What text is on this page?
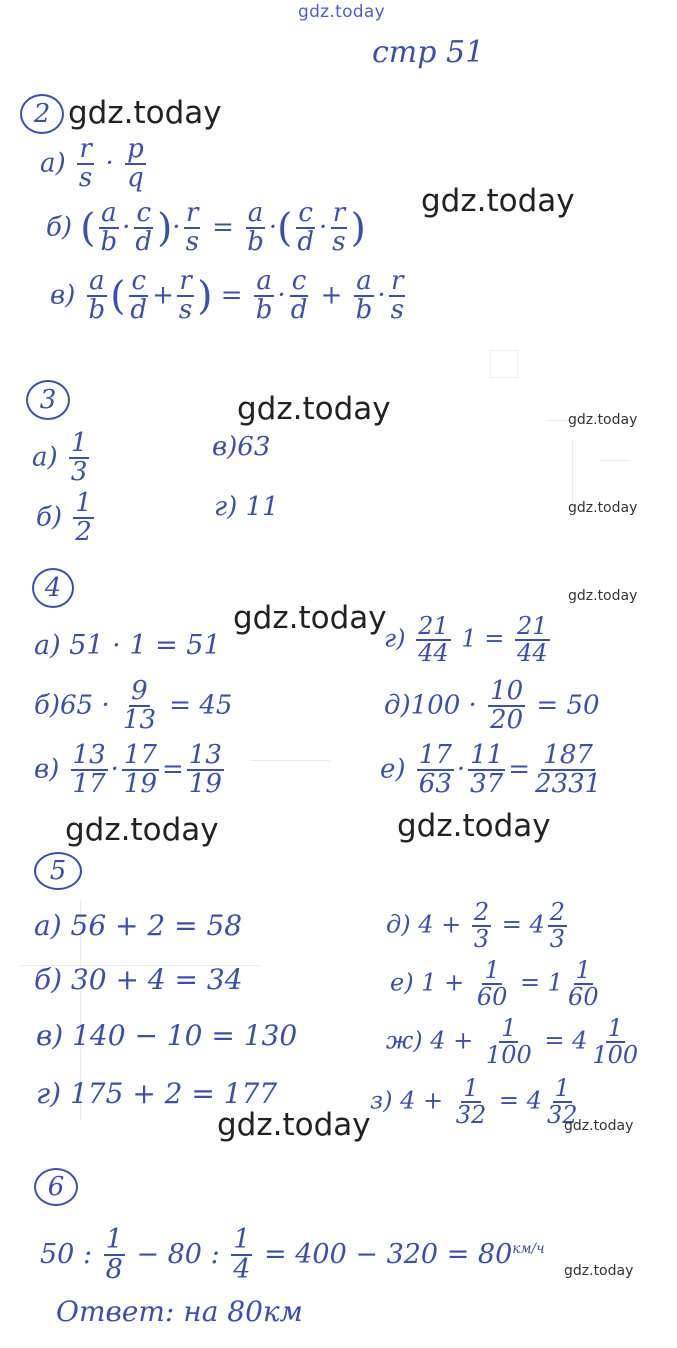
gdz.today
стр 51
2 gdz.today
$а) \frac{r}{s} \cdot \frac{p}{q}$
gdz.today
б) ( $\frac{a}{b} \cdot \frac{c}{d}$ )· $\frac{r}{s} = \frac{a}{b}$ ·( $\frac{c}{d} \cdot \frac{r}{s}$ )
$в) \frac{a}{b}$ ( $\frac{c}{d} + \frac{r}{s}$ ) = $\frac{a}{b} \cdot \frac{c}{d} + \frac{a}{b} \cdot \frac{r}{s}$
3	gdz.today	gdz.today
$а) \frac{1}{3}$	в)63
$б) \frac{1}{2}$	г) 11	gdz.today
4	gdz.today
gdz.today
а) 51 · 1 = 51	$г) \frac{21}{44} 1 = \frac{21}{44}$
$б)65 \cdot \frac{9}{13} = 45$	$д)100 \cdot \frac{10}{20} = 50$
$в) \frac{13}{17} \cdot \frac{17}{19} = \frac{13}{19}$	$е) \frac{17}{63} \cdot \frac{11}{37} = \frac{187}{2331}$
gdz.today	gdz.today
5
а) 56 + 2 = 58
б) 30 + 4 = 34
в) 140 − 10 = 130
г) 175 + 2 = 177
д) $4 + \frac{2}{3} = 4 \frac{2}{3}$
е) $1 + \frac{1}{60} = 1 \frac{1}{60}$
ж) $4 + \frac{1}{100} = 4 \frac{1}{100}$
з) $4 + \frac{1}{32} = 4 \frac{1}{32}$
gdz.today	gdz.today
6
50 : $\frac{1}{8} - 80$ : $\frac{1}{4} = 400 - 320 = 80^{км/ч}$
gdz.today
Ответ: на 80км
